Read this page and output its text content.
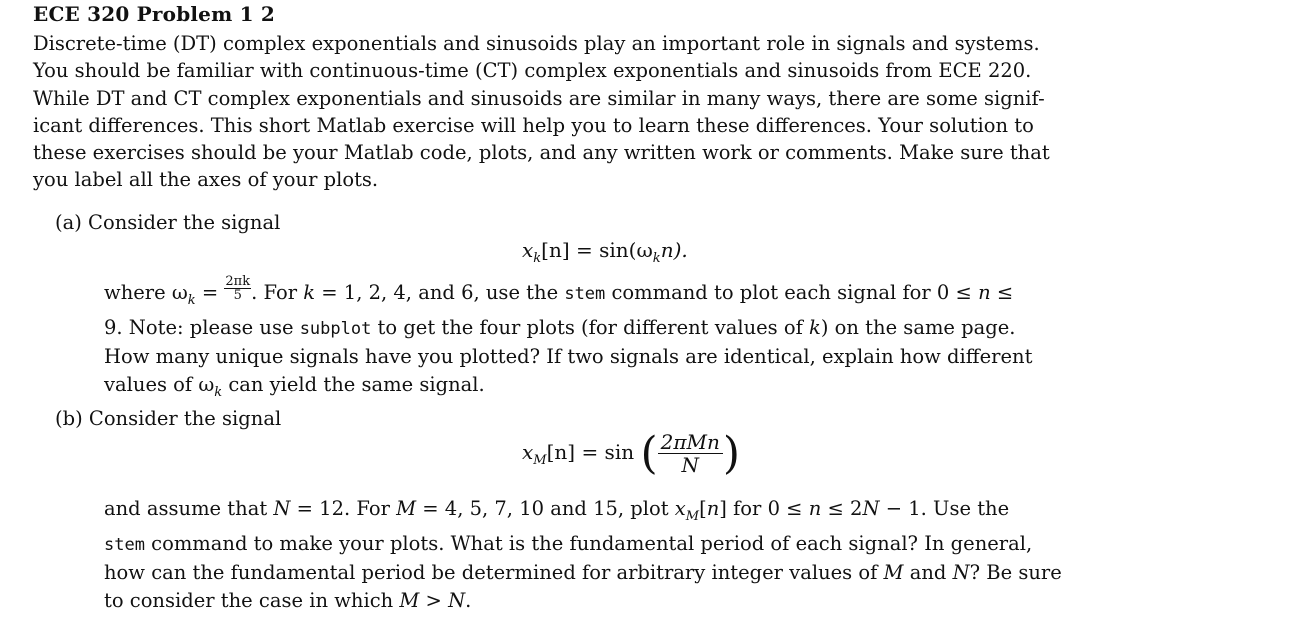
ECE 320 Problem 1 2
Discrete-time (DT) complex exponentials and sinusoids play an important role in signals and systems.
You should be familiar with continuous-time (CT) complex exponentials and sinusoids from ECE 220.
While DT and CT complex exponentials and sinusoids are similar in many ways, there are some signif-
icant differences. This short Matlab exercise will help you to learn these differences. Your solution to
these exercises should be your Matlab code, plots, and any written work or comments. Make sure that
you label all the axes of your plots.
(a) Consider the signal
$x_k[n] = \sin(\omega_kn)$.
where $\omega_k = \frac{2\pi k}{5}$ . For k = 1, 2, 4, and 6, use the stem command to plot each signal for 0 ≤ n ≤
9. Note: please use subplot to get the four plots (for different values of k) on the same page.
How many unique signals have you plotted? If two signals are identical, explain how different
values of $\omega_k$ can yield the same signal.
(b) Consider the signal
$x_M[n] = \sin$ ( $\frac{\text{2πMn}}{N}$ )
and assume that N = 12. For M = 4, 5, 7, 10 and 15, plot $x_M[n]$ for 0 ≤ n ≤ 2N − 1. Use the
stem command to make your plots. What is the fundamental period of each signal? In general,
how can the fundamental period be determined for arbitrary integer values of M and N? Be sure
to consider the case in which M > N.
